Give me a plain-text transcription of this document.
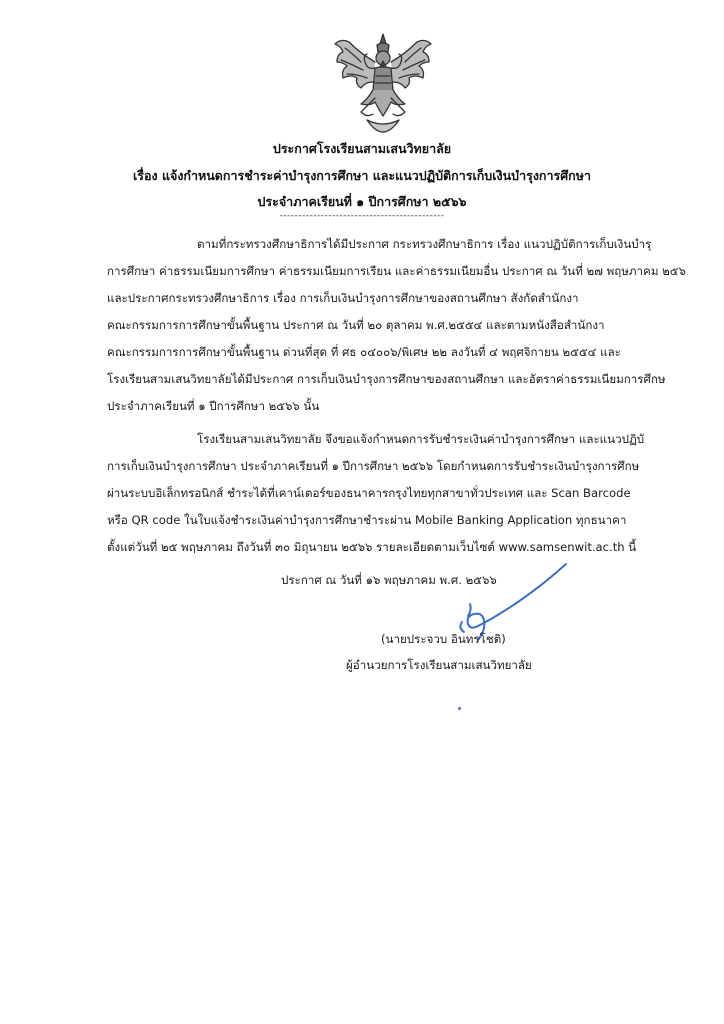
ประกาศโรงเรียนสามเสนวิทยาลัย
เรื่อง แจ้งกำหนดการชำระค่าบำรุงการศึกษา และแนวปฏิบัติการเก็บเงินบำรุงการศึกษา
ประจำภาคเรียนที่ ๑ ปีการศึกษา ๒๕๖๖
--------------------------------------------
ตามที่กระทรวงศึกษาธิการได้มีประกาศ กระทรวงศึกษาธิการ เรื่อง แนวปฏิบัติการเก็บเงินบำรุ
การศึกษา ค่าธรรมเนียมการศึกษา ค่าธรรมเนียมการเรียน และค่าธรรมเนียมอื่น ประกาศ ณ วันที่ ๒๗ พฤษภาคม ๒๕๖
และประกาศกระทรวงศึกษาธิการ เรื่อง การเก็บเงินบำรุงการศึกษาของสถานศึกษา สังกัดสำนักงา
คณะกรรมการการศึกษาขั้นพื้นฐาน ประกาศ ณ วันที่ ๒๐ ตุลาคม พ.ศ.๒๕๕๔ และตามหนังสือสำนักงา
คณะกรรมการการศึกษาขั้นพื้นฐาน ด่วนที่สุด ที่ ศธ ๐๔๐๐๖/พิเศษ ๒๒ ลงวันที่ ๔ พฤศจิกายน ๒๕๕๔ และ
โรงเรียนสามเสนวิทยาลัยได้มีประกาศ การเก็บเงินบำรุงการศึกษาของสถานศึกษา และอัตราค่าธรรมเนียมการศึกษ
ประจำภาคเรียนที่ ๑ ปีการศึกษา ๒๕๖๖ นั้น
โรงเรียนสามเสนวิทยาลัย จึงขอแจ้งกำหนดการรับชำระเงินค่าบำรุงการศึกษา และแนวปฏิบั
การเก็บเงินบำรุงการศึกษา ประจำภาคเรียนที่ ๑ ปีการศึกษา ๒๕๖๖ โดยกำหนดการรับชำระเงินบำรุงการศึกษ
ผ่านระบบอิเล็กทรอนิกส์ ชำระได้ที่เคาน์เตอร์ของธนาคารกรุงไทยทุกสาขาทั่วประเทศ และ Scan Barcode
หรือ QR code ในใบแจ้งชำระเงินค่าบำรุงการศึกษาชำระผ่าน Mobile Banking Application ทุกธนาคา
ตั้งแต่วันที่ ๒๕ พฤษภาคม ถึงวันที่ ๓๐ มิถุนายน ๒๕๖๖ รายละเอียดตามเว็บไซต์ www.samsenwit.ac.th นี้
ประกาศ ณ วันที่ ๑๖ พฤษภาคม พ.ศ. ๒๕๖๖
(นายประจวบ อินทรโชติ)
ผู้อำนวยการโรงเรียนสามเสนวิทยาลัย
